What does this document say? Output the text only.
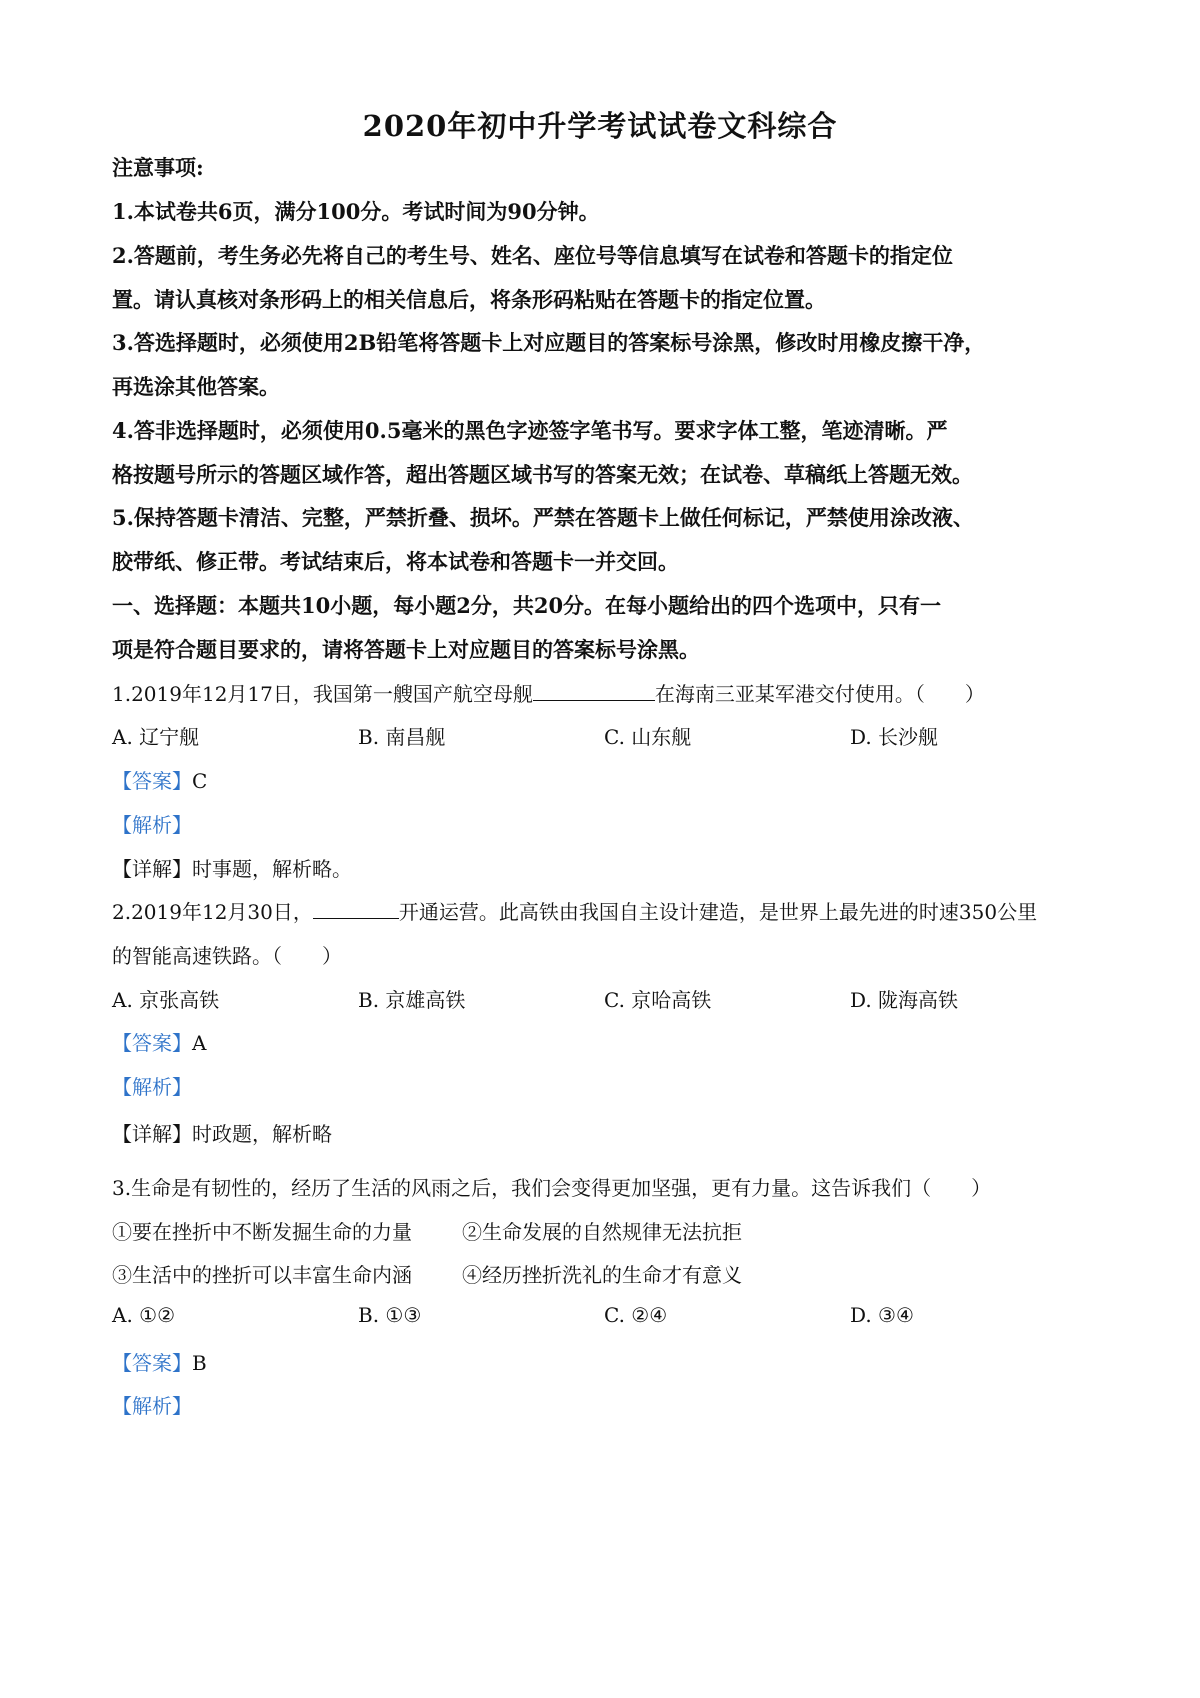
2020年初中升学考试试卷文科综合
注意事项:
1.本试卷共6页，满分100分。考试时间为90分钟。
2.答题前，考生务必先将自己的考生号、姓名、座位号等信息填写在试卷和答题卡的指定位
置。请认真核对条形码上的相关信息后，将条形码粘贴在答题卡的指定位置。
3.答选择题时，必须使用2B铅笔将答题卡上对应题目的答案标号涂黑，修改时用橡皮擦干净，
再选涂其他答案。
4.答非选择题时，必须使用0.5毫米的黑色字迹签字笔书写。要求字体工整，笔迹清晰。严
格按题号所示的答题区域作答，超出答题区域书写的答案无效；在试卷、草稿纸上答题无效。
5.保持答题卡清洁、完整，严禁折叠、损坏。严禁在答题卡上做任何标记，严禁使用涂改液、
胶带纸、修正带。考试结束后，将本试卷和答题卡一并交回。
一、选择题：本题共10小题，每小题2分，共20分。在每小题给出的四个选项中，只有一
项是符合题目要求的，请将答题卡上对应题目的答案标号涂黑。
1.2019年12月17日，我国第一艘国产航空母舰	在海南三亚某军港交付使用。（　　）
A. 辽宁舰	B. 南昌舰	C. 山东舰	D. 长沙舰
【答案】C
【解析】
【详解】时事题，解析略。
2.2019年12月30日，	开通运营。此高铁由我国自主设计建造，是世界上最先进的时速350公里
的智能高速铁路。（　　）
A. 京张高铁	B. 京雄高铁	C. 京哈高铁	D. 陇海高铁
【答案】A
【解析】
【详解】时政题，解析略
3.生命是有韧性的，经历了生活的风雨之后，我们会变得更加坚强，更有力量。这告诉我们（　　）
①要在挫折中不断发掘生命的力量	②生命发展的自然规律无法抗拒
③生活中的挫折可以丰富生命内涵	④经历挫折洗礼的生命才有意义
A. ①②	B. ①③	C. ②④	D. ③④
【答案】B
【解析】
